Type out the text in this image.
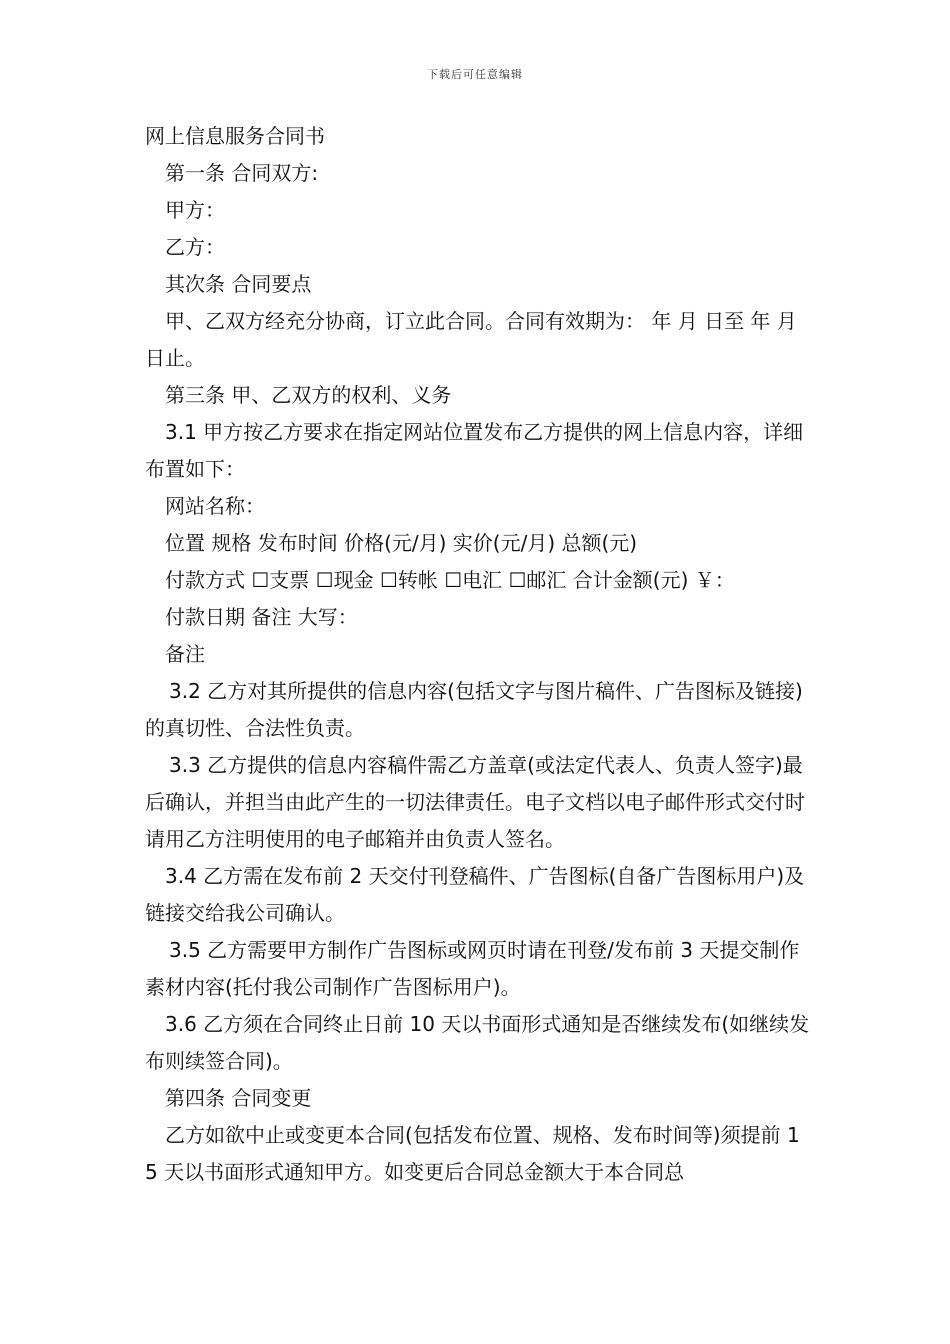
下载后可任意编辑

网上信息服务合同书

第一条 合同双方:

甲方：

乙方：

其次条 合同要点

甲、乙双方经充分协商，订立此合同。合同有效期为： 年 月 日至 年 月 日止。

第三条 甲、乙双方的权利、义务

3.1 甲方按乙方要求在指定网站位置发布乙方提供的网上信息内容，详细布置如下：

网站名称：

位置 规格 发布时间 价格(元/月) 实价(元/月) 总额(元)

付款方式 ☐支票 ☐现金 ☐转帐 ☐电汇 ☐邮汇 合计金额(元) ￥：

付款日期 备注 大写：

备注

3.2 乙方对其所提供的信息内容(包括文字与图片稿件、广告图标及链接)的真切性、合法性负责。

3.3 乙方提供的信息内容稿件需乙方盖章(或法定代表人、负责人签字)最后确认，并担当由此产生的一切法律责任。电子文档以电子邮件形式交付时请用乙方注明使用的电子邮箱并由负责人签名。

3.4 乙方需在发布前 2 天交付刊登稿件、广告图标(自备广告图标用户)及链接交给我公司确认。

3.5 乙方需要甲方制作广告图标或网页时请在刊登/发布前 3 天提交制作素材内容(托付我公司制作广告图标用户)。

3.6 乙方须在合同终止日前 10 天以书面形式通知是否继续发布(如继续发布则续签合同)。

第四条 合同变更

乙方如欲中止或变更本合同(包括发布位置、规格、发布时间等)须提前 15 天以书面形式通知甲方。如变更后合同总金额大于本合同总
